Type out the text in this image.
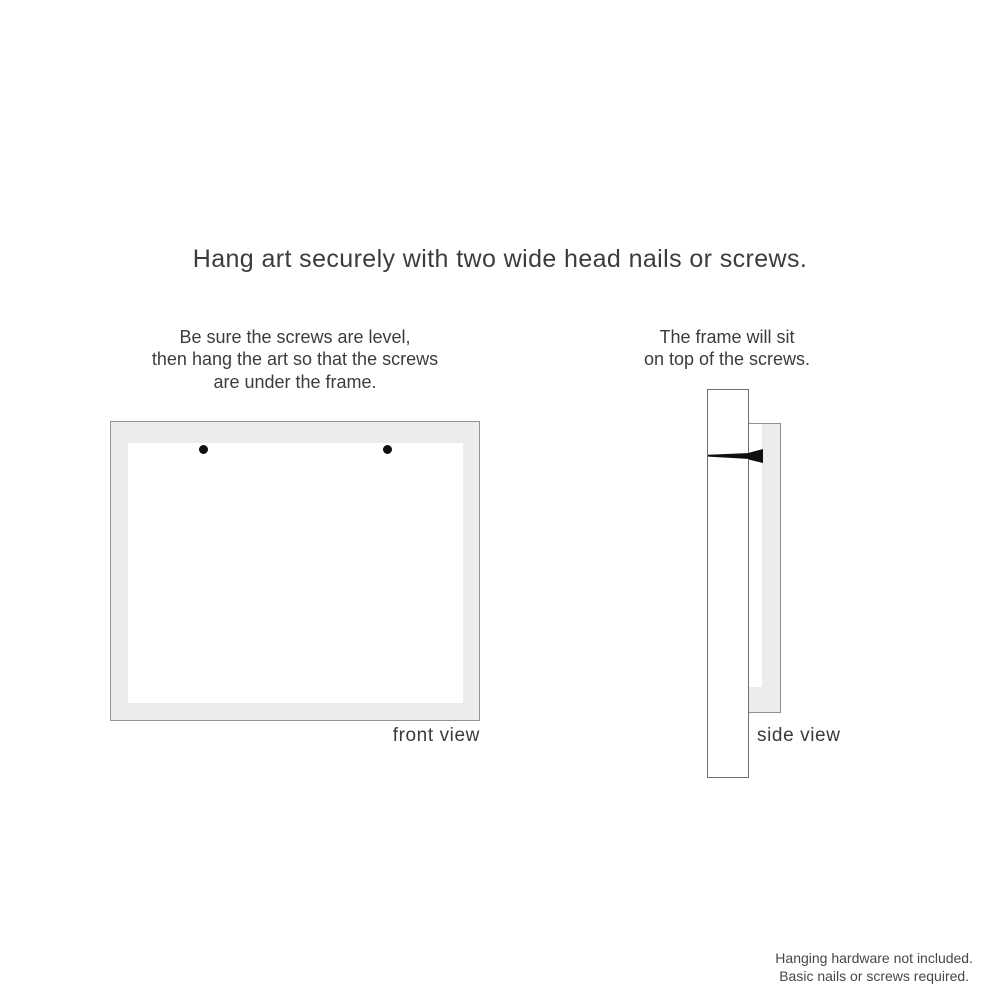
Hang art securely with two wide head nails or screws.
Be sure the screws are level,
then hang the art so that the screws
are under the frame.
The frame will sit
on top of the screws.
front view	side view
Hanging hardware not included.
Basic nails or screws required.
